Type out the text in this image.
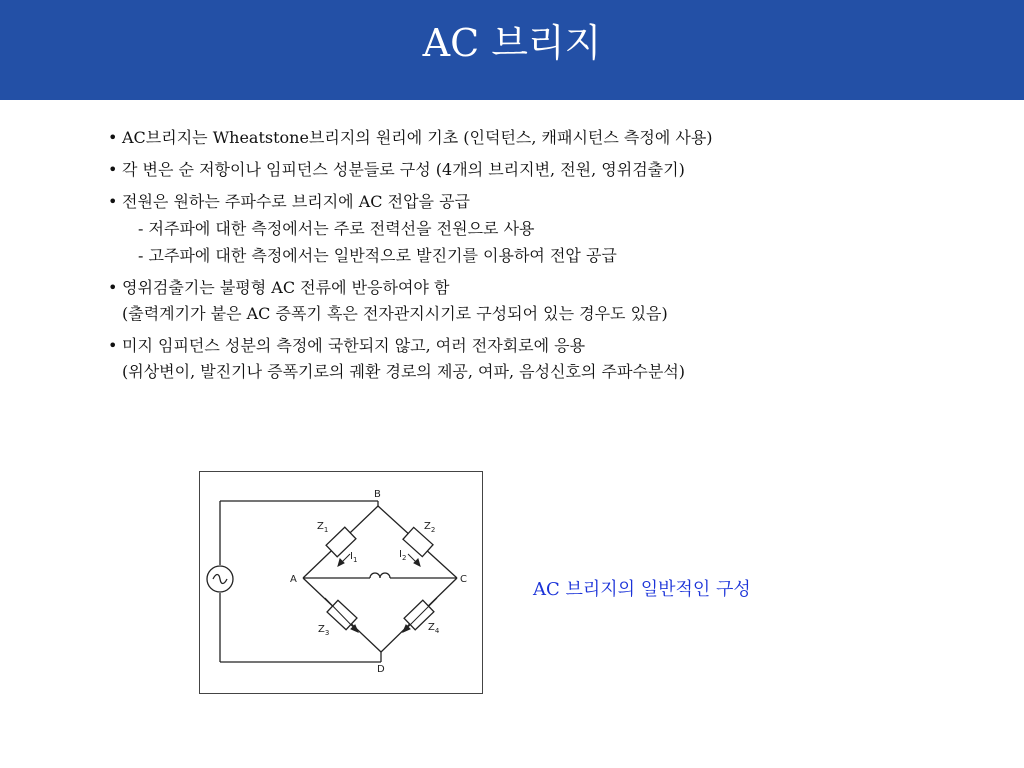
AC 브리지
• AC브리지는 Wheatstone브리지의 원리에 기초 (인덕턴스, 캐패시턴스 측정에 사용)
• 각 변은 순 저항이나 임피던스 성분들로 구성 (4개의 브리지변, 전원, 영위검출기)
• 전원은 원하는 주파수로 브리지에 AC 전압을 공급
- 저주파에 대한 측정에서는 주로 전력선을 전원으로 사용
- 고주파에 대한 측정에서는 일반적으로 발진기를 이용하여 전압 공급
• 영위검출기는 불평형 AC 전류에 반응하여야 함
(출력계기가 붙은 AC 증폭기 혹은 전자관지시기로 구성되어 있는 경우도 있음)
• 미지 임피던스 성분의 측정에 국한되지 않고, 여러 전자회로에 응용
(위상변이, 발진기나 증폭기로의 궤환 경로의 제공, 여파, 음성신호의 주파수분석)
B
A	C
D
$Z_1$	$Z_2$
$Z_3$	$Z_4$
$I_1$	$I_2$
AC 브리지의 일반적인 구성
